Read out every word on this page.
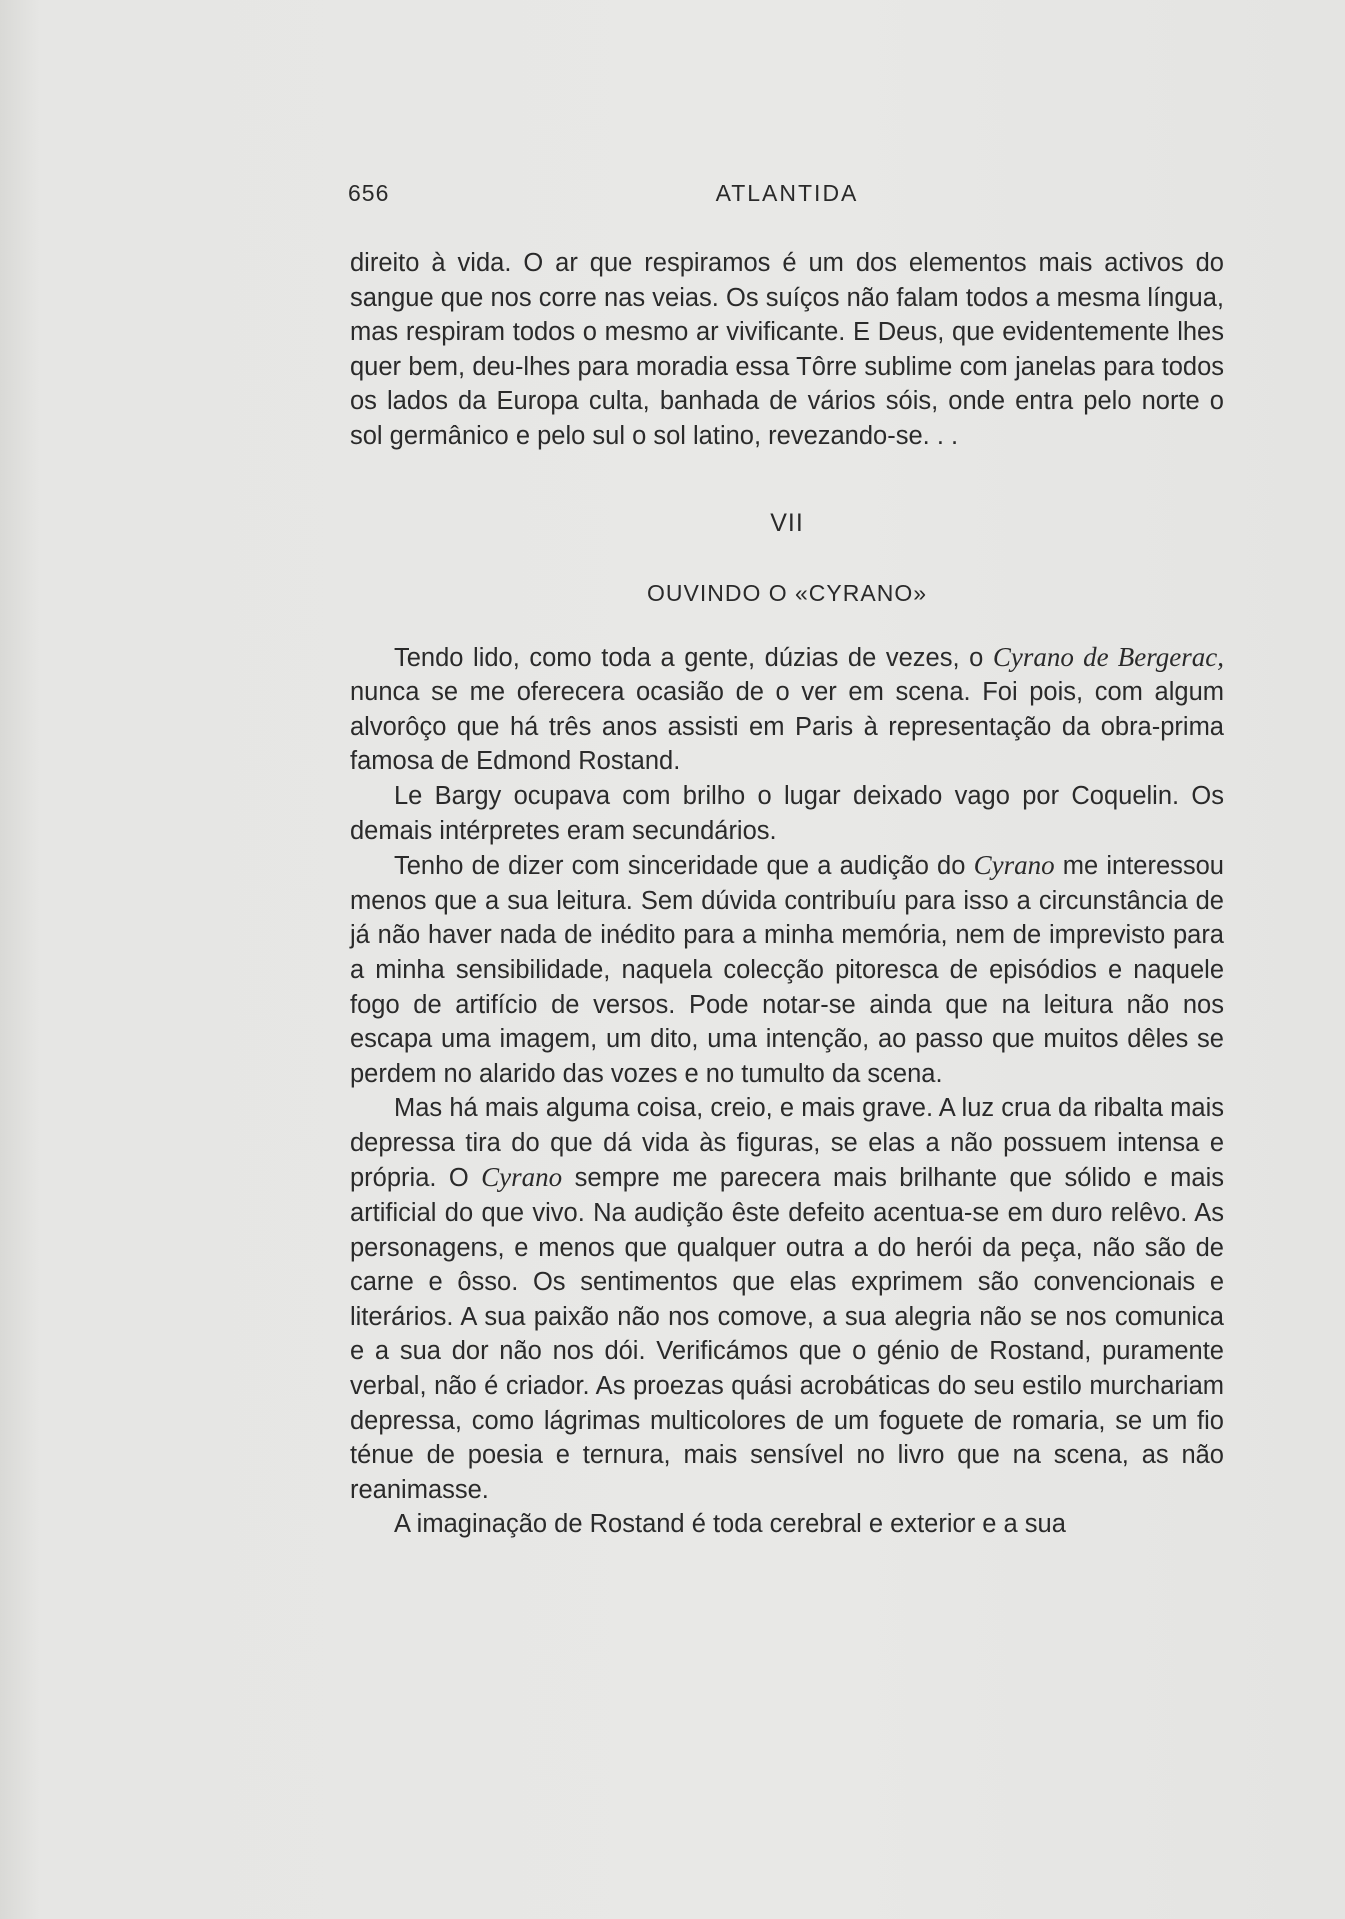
656	ATLANTIDA

direito à vida. O ar que respiramos é um dos elementos mais activos do sangue que nos corre nas veias. Os suíços não falam todos a mesma língua, mas respiram todos o mesmo ar vivificante. E Deus, que evidentemente lhes quer bem, deu-lhes para moradia essa Tôrre sublime com janelas para todos os lados da Europa culta, banhada de vários sóis, onde entra pelo norte o sol germânico e pelo sul o sol latino, revezando-se. . .

VII
OUVINDO O «CYRANO»

Tendo lido, como toda a gente, dúzias de vezes, o Cyrano de Bergerac, nunca se me oferecera ocasião de o ver em scena. Foi pois, com algum alvorôço que há três anos assisti em Paris à representação da obra-prima famosa de Edmond Rostand.

Le Bargy ocupava com brilho o lugar deixado vago por Coquelin. Os demais intérpretes eram secundários.

Tenho de dizer com sinceridade que a audição do Cyrano me interessou menos que a sua leitura. Sem dúvida contribuíu para isso a circunstância de já não haver nada de inédito para a minha memória, nem de imprevisto para a minha sensibilidade, naquela colecção pitoresca de episódios e naquele fogo de artifício de versos. Pode notar-se ainda que na leitura não nos escapa uma imagem, um dito, uma intenção, ao passo que muitos dêles se perdem no alarido das vozes e no tumulto da scena.

Mas há mais alguma coisa, creio, e mais grave. A luz crua da ribalta mais depressa tira do que dá vida às figuras, se elas a não possuem intensa e própria. O Cyrano sempre me parecera mais brilhante que sólido e mais artificial do que vivo. Na audição êste defeito acentua-se em duro relêvo. As personagens, e menos que qualquer outra a do herói da peça, não são de carne e ôsso. Os sentimentos que elas exprimem são convencionais e literários. A sua paixão não nos comove, a sua alegria não se nos comunica e a sua dor não nos dói. Verificámos que o génio de Rostand, puramente verbal, não é criador. As proezas quási acrobáticas do seu estilo murchariam depressa, como lágrimas multicolores de um foguete de romaria, se um fio ténue de poesia e ternura, mais sensível no livro que na scena, as não reanimasse.

A imaginação de Rostand é toda cerebral e exterior e a sua
